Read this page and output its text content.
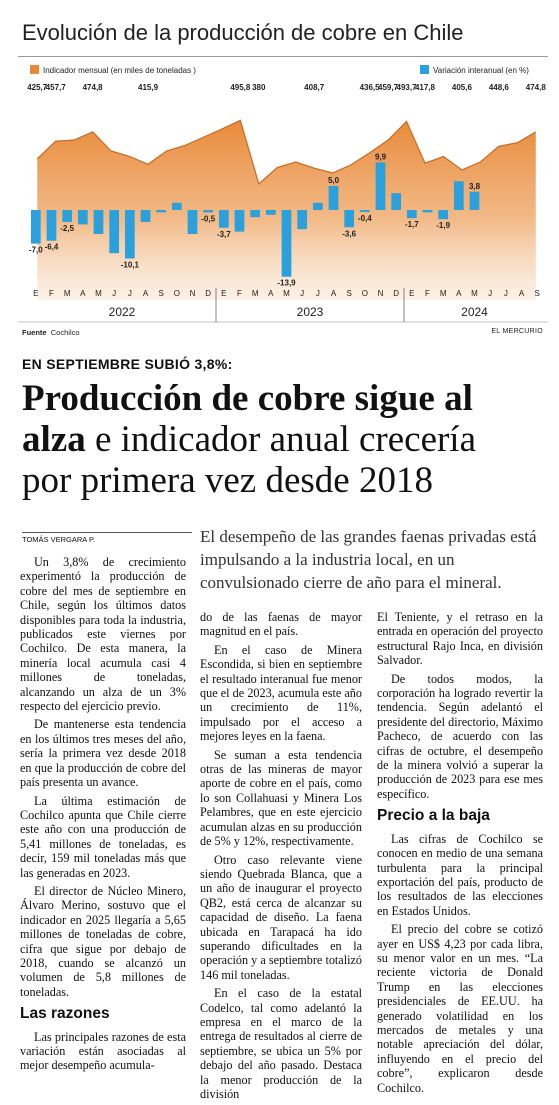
Evolución de la producción de cobre en Chile
Indicador mensual (en miles de toneladas )	Variación interanual (en %)
-7,0 -6,4
-2,5
-10,1
-0,5
-3,7
-13,9
5,0
-3,6
-0,4
9,9
-1,7 -1,9
3,8
425,7
457,7 474,8	415,9	495,8 380	408,7	436,5
459,7
493,7
417,8 405,6 448,6 474,8
E F M A M J J A S O N D E F M A M J J A S O N D E F M A M J J A S
2022	2023	2024
Fuente Cochilco	EL MERCURIO
EN SEPTIEMBRE SUBIÓ 3,8%:
Producción de cobre sigue al
alza e indicador anual crecería
por primera vez desde 2018
TOMÁS VERGARA P.	El desempeño de las grandes faenas privadas está impulsando a la industria local, en un convulsionado cierre de año para el mineral.

Un 3,8% de crecimiento experimentó la producción de cobre del mes de septiembre en Chile, según los últimos datos disponibles para toda la industria, publicados este viernes por Cochilco. De esta manera, la minería local acumula casi 4 millones de toneladas, alcanzando un alza de un 3% respecto del ejercicio previo.

De mantenerse esta tendencia en los últimos tres meses del año, sería la primera vez desde 2018 en que la producción de cobre del país presenta un avance.

La última estimación de Cochilco apunta que Chile cierre este año con una producción de 5,41 millones de toneladas, es decir, 159 mil toneladas más que las generadas en 2023.

El director de Núcleo Minero, Álvaro Merino, sostuvo que el indicador en 2025 llegaría a 5,65 millones de toneladas de cobre, cifra que sigue por debajo de 2018, cuando se alcanzó un volumen de 5,8 millones de toneladas.

Las razones

Las principales razones de esta variación están asociadas al mejor desempeño acumula-

do de las faenas de mayor magnitud en el país.

En el caso de Minera Escondida, si bien en septiembre el resultado interanual fue menor que el de 2023, acumula este año un crecimiento de 11%, impulsado por el acceso a mejores leyes en la faena.

Se suman a esta tendencia otras de las mineras de mayor aporte de cobre en el país, como lo son Collahuasi y Minera Los Pelambres, que en este ejercicio acumulan alzas en su producción de 5% y 12%, respectivamente.

Otro caso relevante viene siendo Quebrada Blanca, que a un año de inaugurar el proyecto QB2, está cerca de alcanzar su capacidad de diseño. La faena ubicada en Tarapacá ha ido superando dificultades en la operación y a septiembre totalizó 146 mil toneladas.

En el caso de la estatal Codelco, tal como adelantó la empresa en el marco de la entrega de resultados al cierre de septiembre, se ubica un 5% por debajo del año pasado. Destaca la menor producción de la división

El Teniente, y el retraso en la entrada en operación del proyecto estructural Rajo Inca, en división Salvador.

De todos modos, la corporación ha logrado revertir la tendencia. Según adelantó el presidente del directorio, Máximo Pacheco, de acuerdo con las cifras de octubre, el desempeño de la minera volvió a superar la producción de 2023 para ese mes específico.

Precio a la baja

Las cifras de Cochilco se conocen en medio de una semana turbulenta para la principal exportación del país, producto de los resultados de las elecciones en Estados Unidos.

El precio del cobre se cotizó ayer en US$ 4,23 por cada libra, su menor valor en un mes. “La reciente victoria de Donald Trump en las elecciones presidenciales de EE.UU. ha generado volatilidad en los mercados de metales y una notable apreciación del dólar, influyendo en el precio del cobre”, explicaron desde Cochilco.
